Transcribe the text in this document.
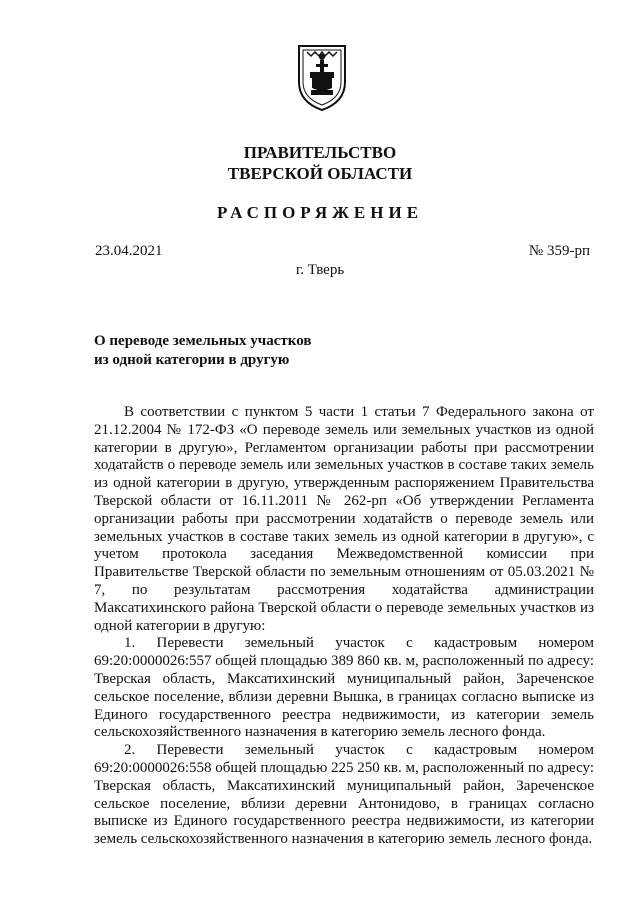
ПРАВИТЕЛЬСТВО
ТВЕРСКОЙ ОБЛАСТИ
РАСПОРЯЖЕНИЕ
23.04.2021	№ 359-рп
г. Тверь
О переводе земельных участков
из одной категории в другую

В соответствии с пунктом 5 части 1 статьи 7 Федерального закона от 21.12.2004 № 172-ФЗ «О переводе земель или земельных участков из одной категории в другую», Регламентом организации работы при рассмотрении ходатайств о переводе земель или земельных участков в составе таких земель из одной категории в другую, утвержденным распоряжением Правительства Тверской области от 16.11.2011 № 262-рп «Об утверждении Регламента организации работы при рассмотрении ходатайств о переводе земель или земельных участков в составе таких земель из одной категории в другую», с учетом протокола заседания Межведомственной комиссии при Правительстве Тверской области по земельным отношениям от 05.03.2021 № 7, по результатам рассмотрения ходатайства администрации Максатихинского района Тверской области о переводе земельных участков из одной категории в другую:

1. Перевести земельный участок с кадастровым номером 69:20:0000026:557 общей площадью 389 860 кв. м, расположенный по адресу: Тверская область, Максатихинский муниципальный район, Зареченское сельское поселение, вблизи деревни Вышка, в границах согласно выписке из Единого государственного реестра недвижимости, из категории земель сельскохозяйственного назначения в категорию земель лесного фонда.

2. Перевести земельный участок с кадастровым номером 69:20:0000026:558 общей площадью 225 250 кв. м, расположенный по адресу: Тверская область, Максатихинский муниципальный район, Зареченское сельское поселение, вблизи деревни Антонидово, в границах согласно выписке из Единого государственного реестра недвижимости, из категории земель сельскохозяйственного назначения в категорию земель лесного фонда.
